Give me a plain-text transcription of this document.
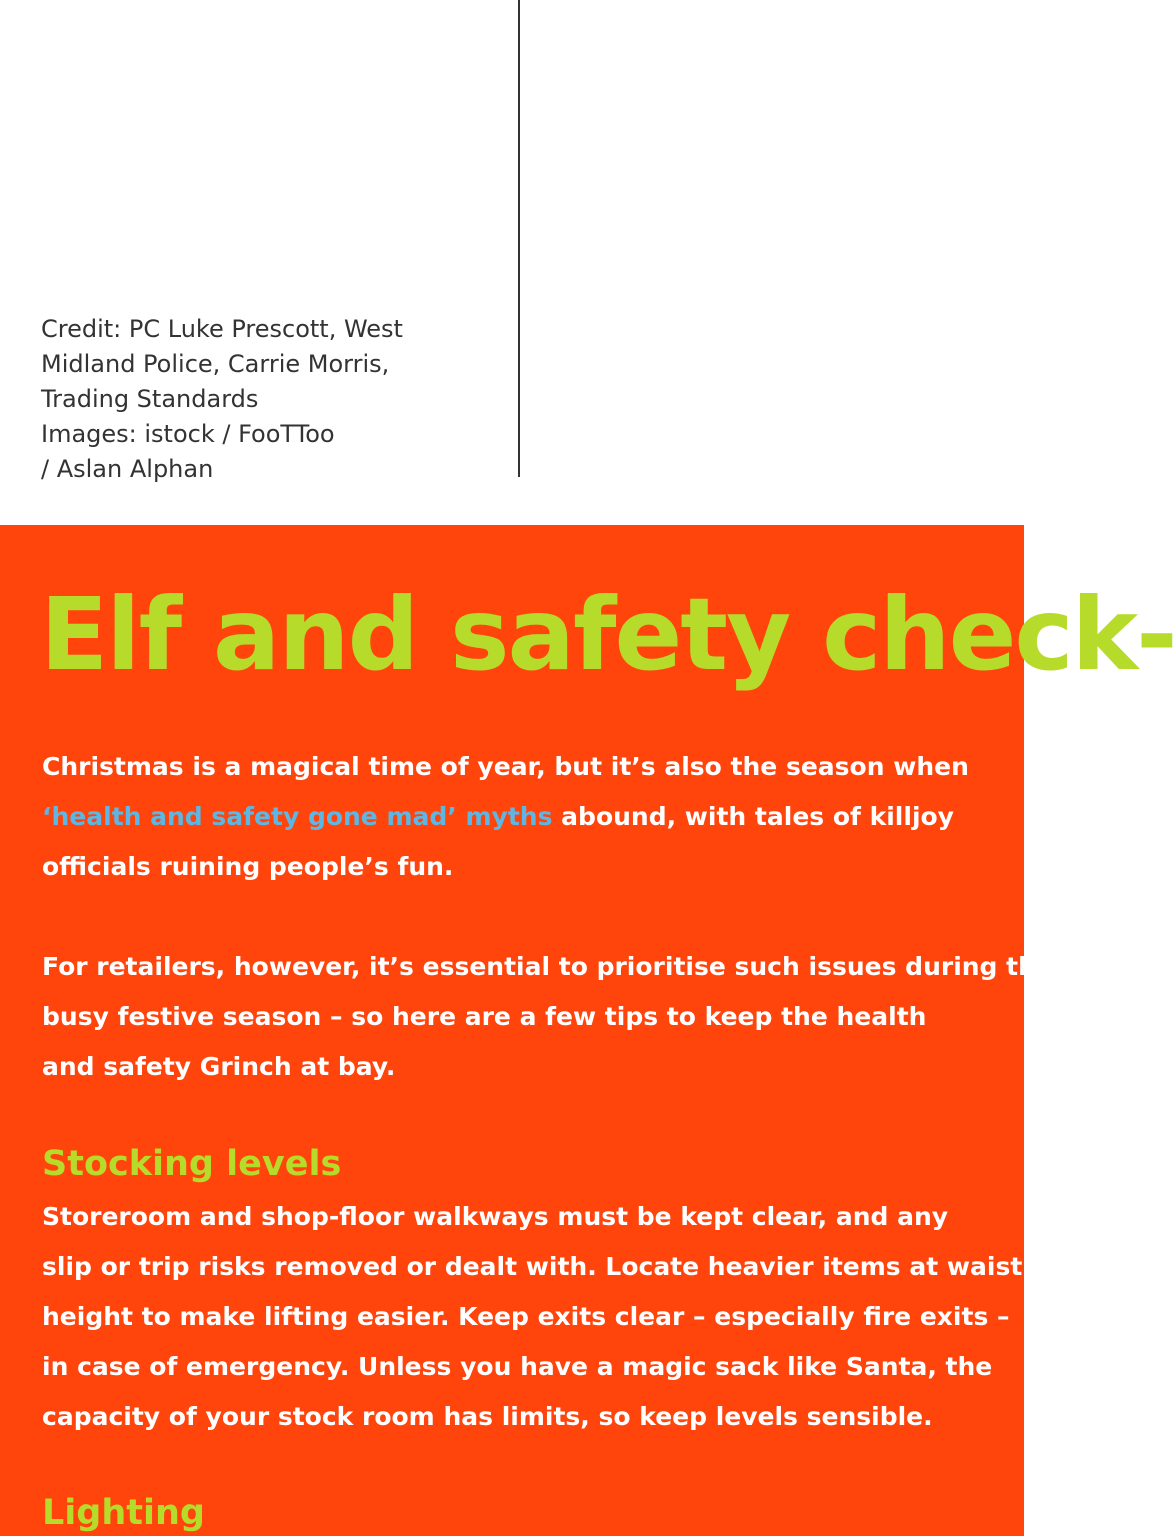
Credit: PC Luke Prescott, West
Midland Police, Carrie Morris,
Trading Standards
Images: istock / FooTToo
/ Aslan Alphan

Elf and safety check-

Christmas is a magical time of year, but it’s also the season when
‘health and safety gone mad’ myths abound, with tales of killjoy
officials ruining people’s fun.

For retailers, however, it’s essential to prioritise such issues during the
busy festive season – so here are a few tips to keep the health
and safety Grinch at bay.

Stocking levels

Storeroom and shop-floor walkways must be kept clear, and any
slip or trip risks removed or dealt with. Locate heavier items at waist
height to make lifting easier. Keep exits clear – especially fire exits –
in case of emergency. Unless you have a magic sack like Santa, the
capacity of your stock room has limits, so keep levels sensible.

Lighting
